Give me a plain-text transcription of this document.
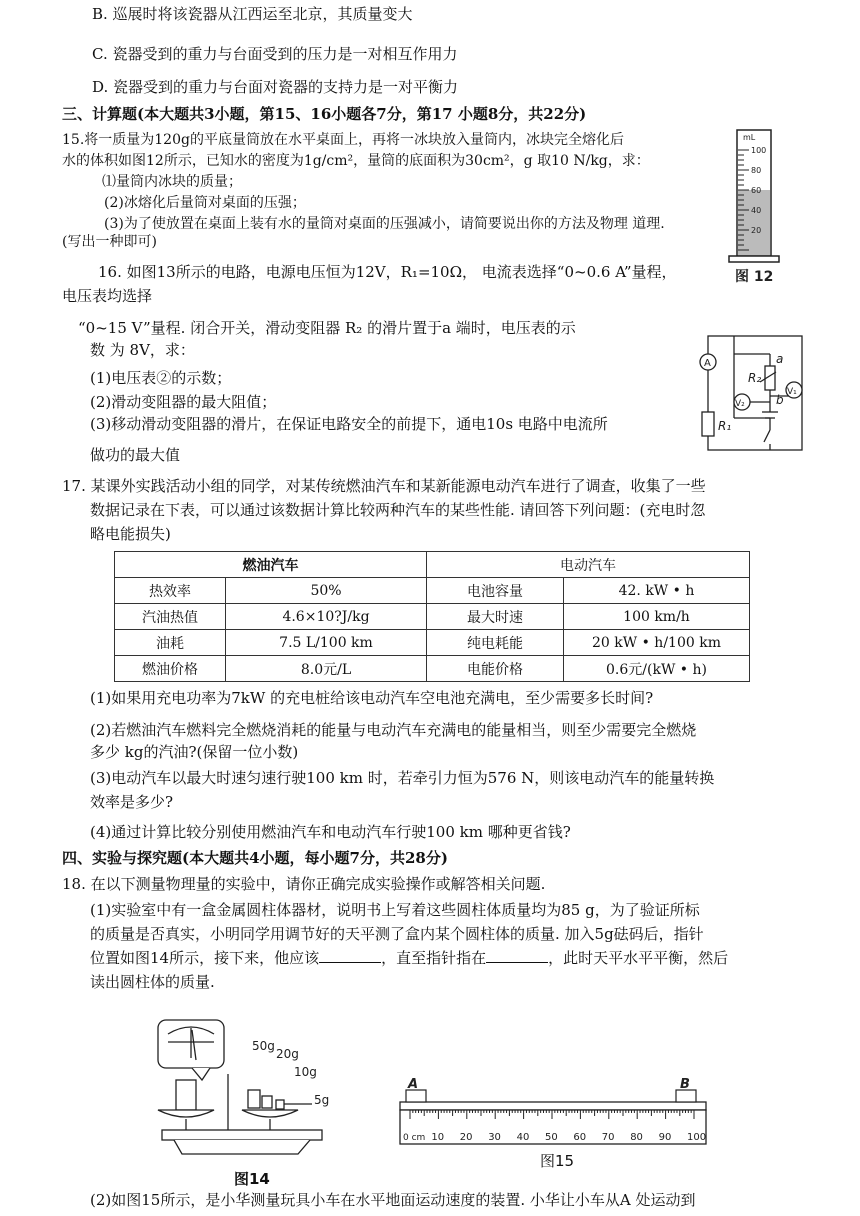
B. 巡展时将该瓷器从江西运至北京，其质量变大
C. 瓷器受到的重力与台面受到的压力是一对相互作用力
D. 瓷器受到的重力与台面对瓷器的支持力是一对平衡力
三、计算题(本大题共3小题，第15、16小题各7分，第17 小题8分，共22分)
15.将一质量为120g的平底量筒放在水平桌面上，再将一冰块放入量筒内，冰块完全熔化后
水的体积如图12所示，已知水的密度为1g/cm²，量筒的底面积为30cm²，g 取10 N/kg，求：
⑴量筒内冰块的质量；
(2)冰熔化后量筒对桌面的压强；
(3)为了使放置在桌面上装有水的量筒对桌面的压强减小，请简要说出你的方法及物理 道理.
(写出一种即可)
100
80
60
40
20
mL
图 12
16. 如图13所示的电路，电源电压恒为12V，R₁=10Ω， 电流表选择“0~0.6 A”量程，
电压表均选择
“0~15 V”量程. 闭合开关，滑动变阻器 R₂ 的滑片置于a 端时，电压表的示
数 为 8V，求：
(1)电压表②的示数；
(2)滑动变阻器的最大阻值；
(3)移动滑动变阻器的滑片，在保证电路安全的前提下，通电10s 电路中电流所
做功的最大值
A
V₂
V₁
R₂
a
b
R₁
17. 某课外实践活动小组的同学，对某传统燃油汽车和某新能源电动汽车进行了调查，收集了一些
数据记录在下表，可以通过该数据计算比较两种汽车的某些性能. 请回答下列问题：(充电时忽
略电能损失)
燃油汽车		电动汽车	
热效率	50%	电池容量	42. kW • h
汽油热值	4.6×10?J/kg	最大时速	100 km/h
油耗	7.5 L/100 km	纯电耗能	20 kW • h/100 km
燃油价格	8.0元/L	电能价格	0.6元/(kW • h)
(1)如果用充电功率为7kW 的充电桩给该电动汽车空电池充满电，至少需要多长时间?
(2)若燃油汽车燃料完全燃烧消耗的能量与电动汽车充满电的能量相当，则至少需要完全燃烧
多少 kg的汽油?(保留一位小数)
(3)电动汽车以最大时速匀速行驶100 km 时，若牵引力恒为576 N，则该电动汽车的能量转换
效率是多少?
(4)通过计算比较分别使用燃油汽车和电动汽车行驶100 km 哪种更省钱?
四、实验与探究题(本大题共4小题，每小题7分，共28分)
18. 在以下测量物理量的实验中，请你正确完成实验操作或解答相关问题.
(1)实验室中有一盒金属圆柱体器材，说明书上写着这些圆柱体质量均为85 g，为了验证所标
的质量是否真实，小明同学用调节好的天平测了盒内某个圆柱体的质量. 加入5g砝码后，指针
位置如图14所示，接下来，他应该	，直至指针指在	，此时天平水平平衡，然后
读出圆柱体的质量.
50g
20g
10g
5g
图14
A	B
0 cm 10 20 30 40 50 60 70 80 90 100
图15
(2)如图15所示，是小华测量玩具小车在水平地面运动速度的装置. 小华让小车从A 处运动到
